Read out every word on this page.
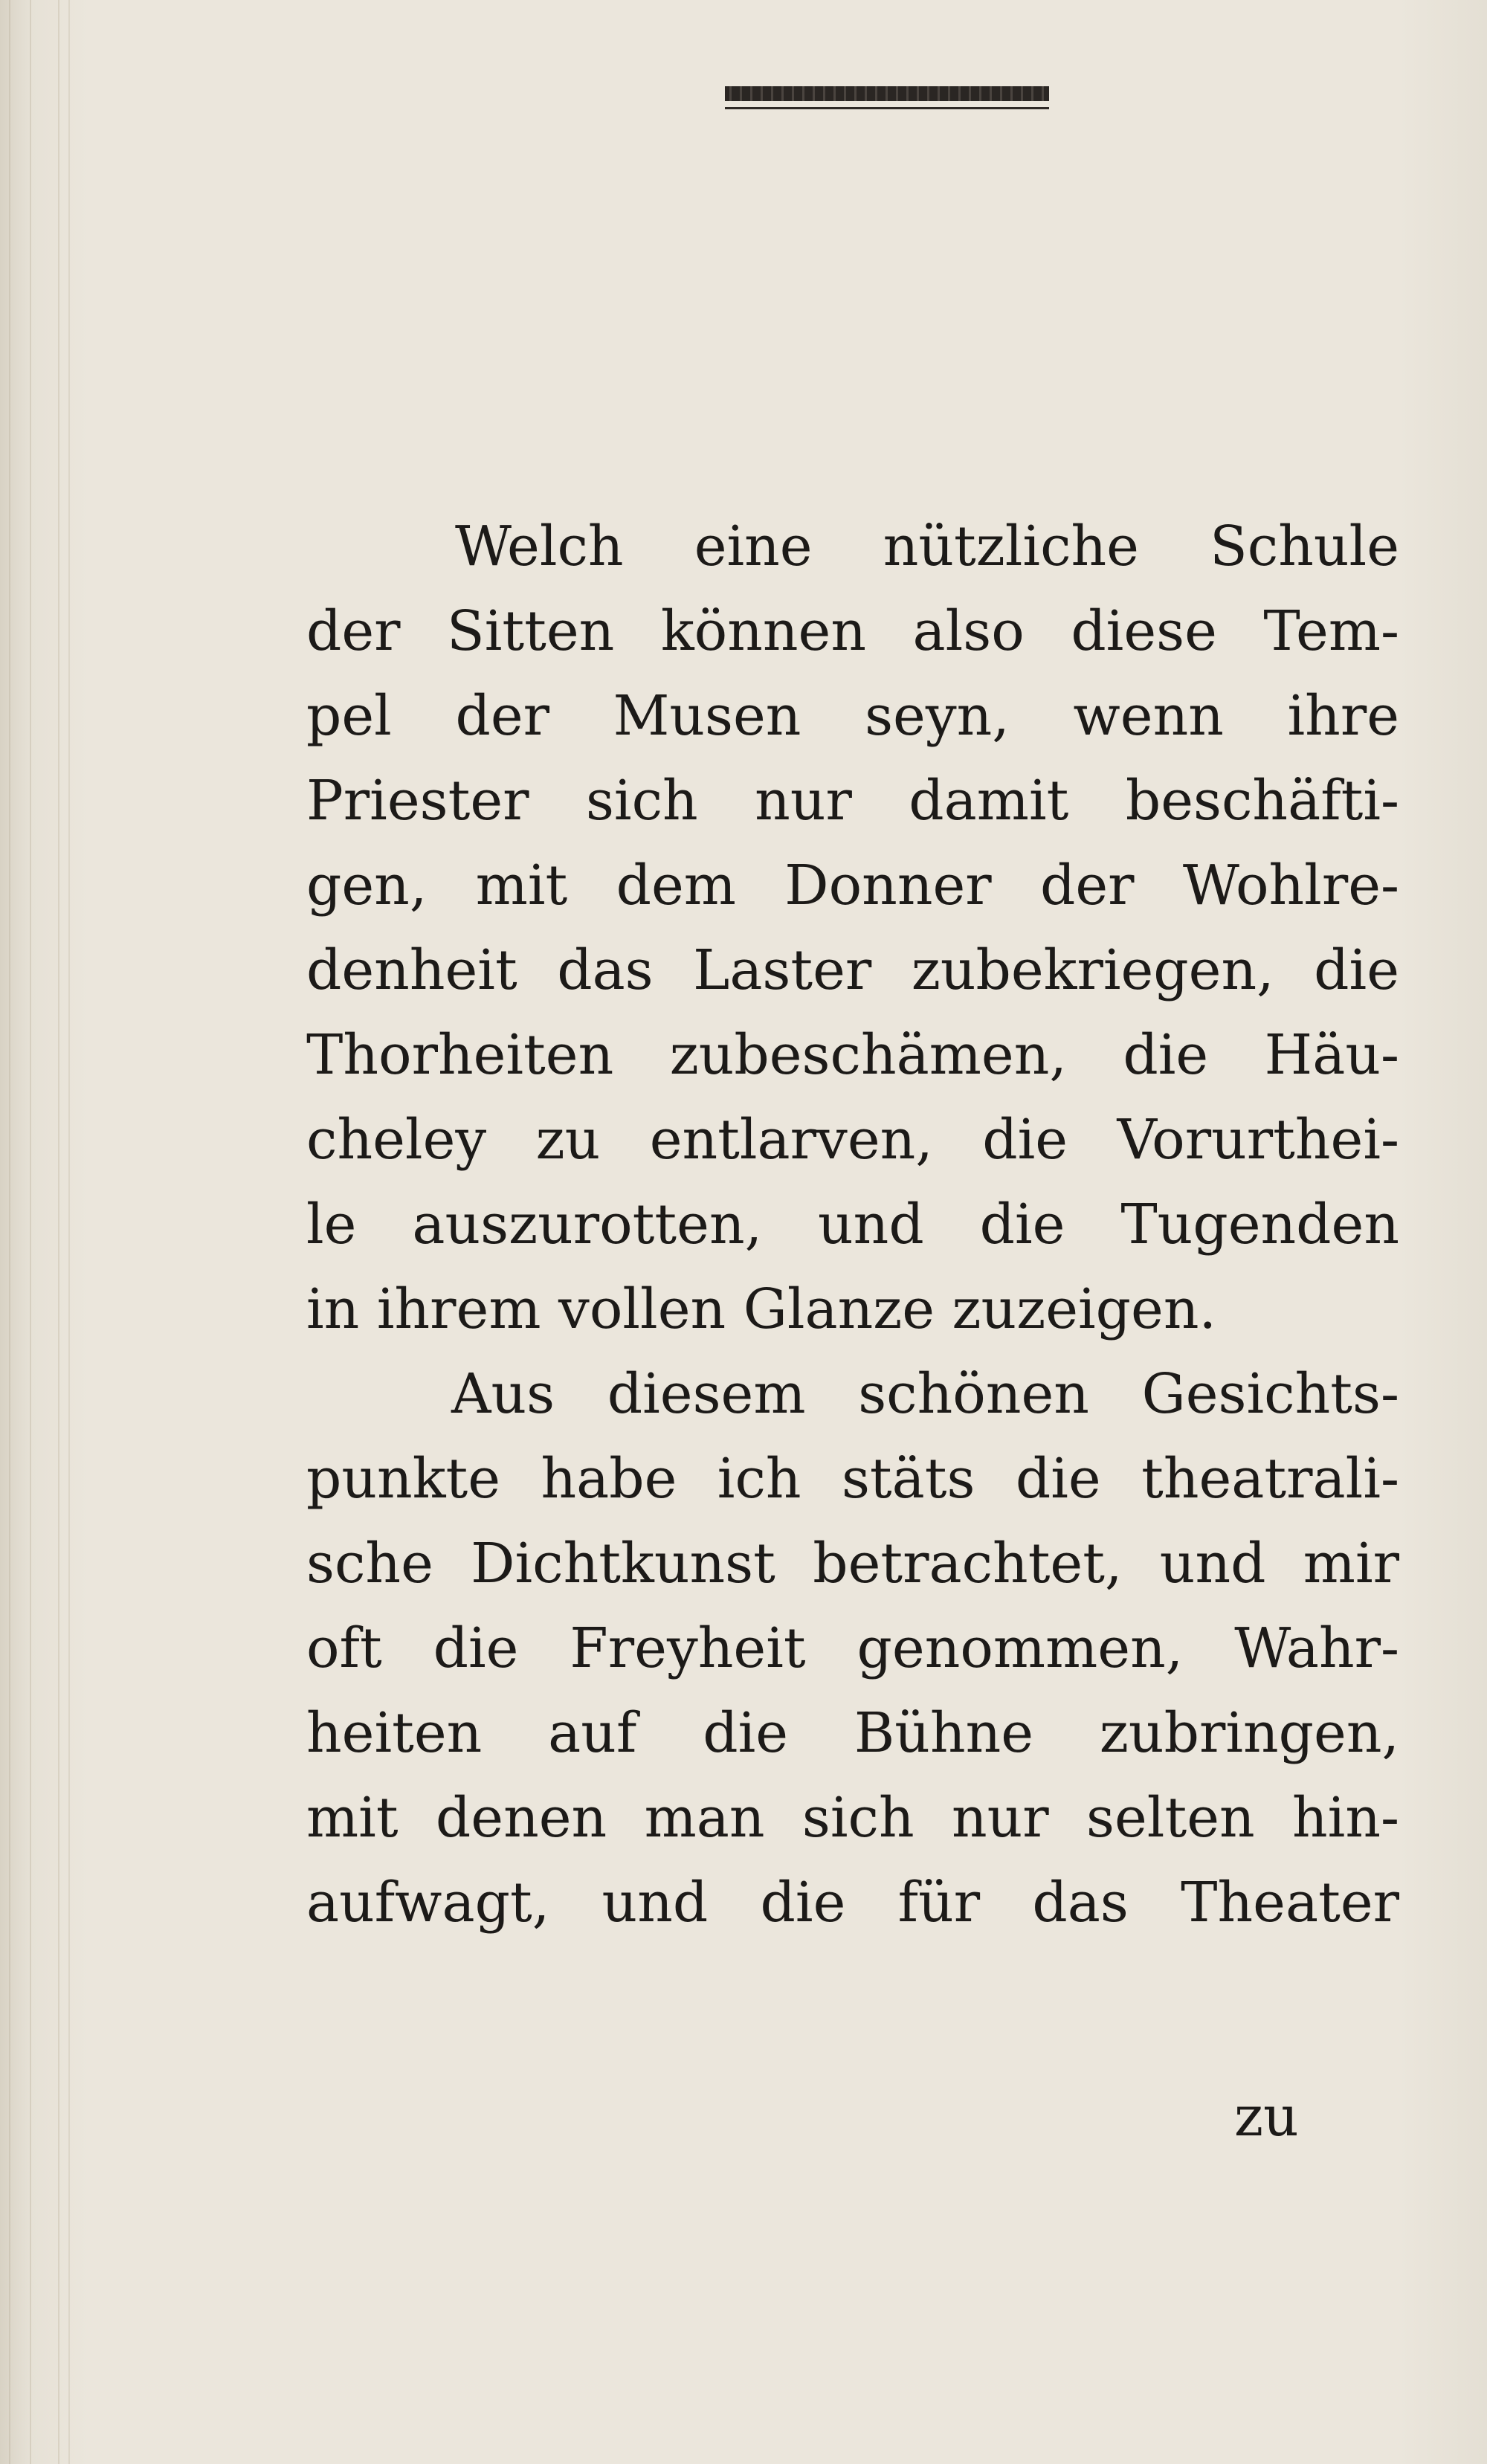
Welch eine nützliche Schule
der Sitten können also diese Tem-
pel der Musen seyn, wenn ihre
Priester sich nur damit beschäfti-
gen, mit dem Donner der Wohlre-
denheit das Laster zubekriegen, die
Thorheiten zubeschämen, die Häu-
cheley zu entlarven, die Vorurthei-
le auszurotten, und die Tugenden
in ihrem vollen Glanze zuzeigen.
Aus diesem schönen Gesichts-
punkte habe ich stäts die theatrali-
sche Dichtkunst betrachtet, und mir
oft die Freyheit genommen, Wahr-
heiten auf die Bühne zubringen,
mit denen man sich nur selten hin-
aufwagt, und die für das Theater
zu
